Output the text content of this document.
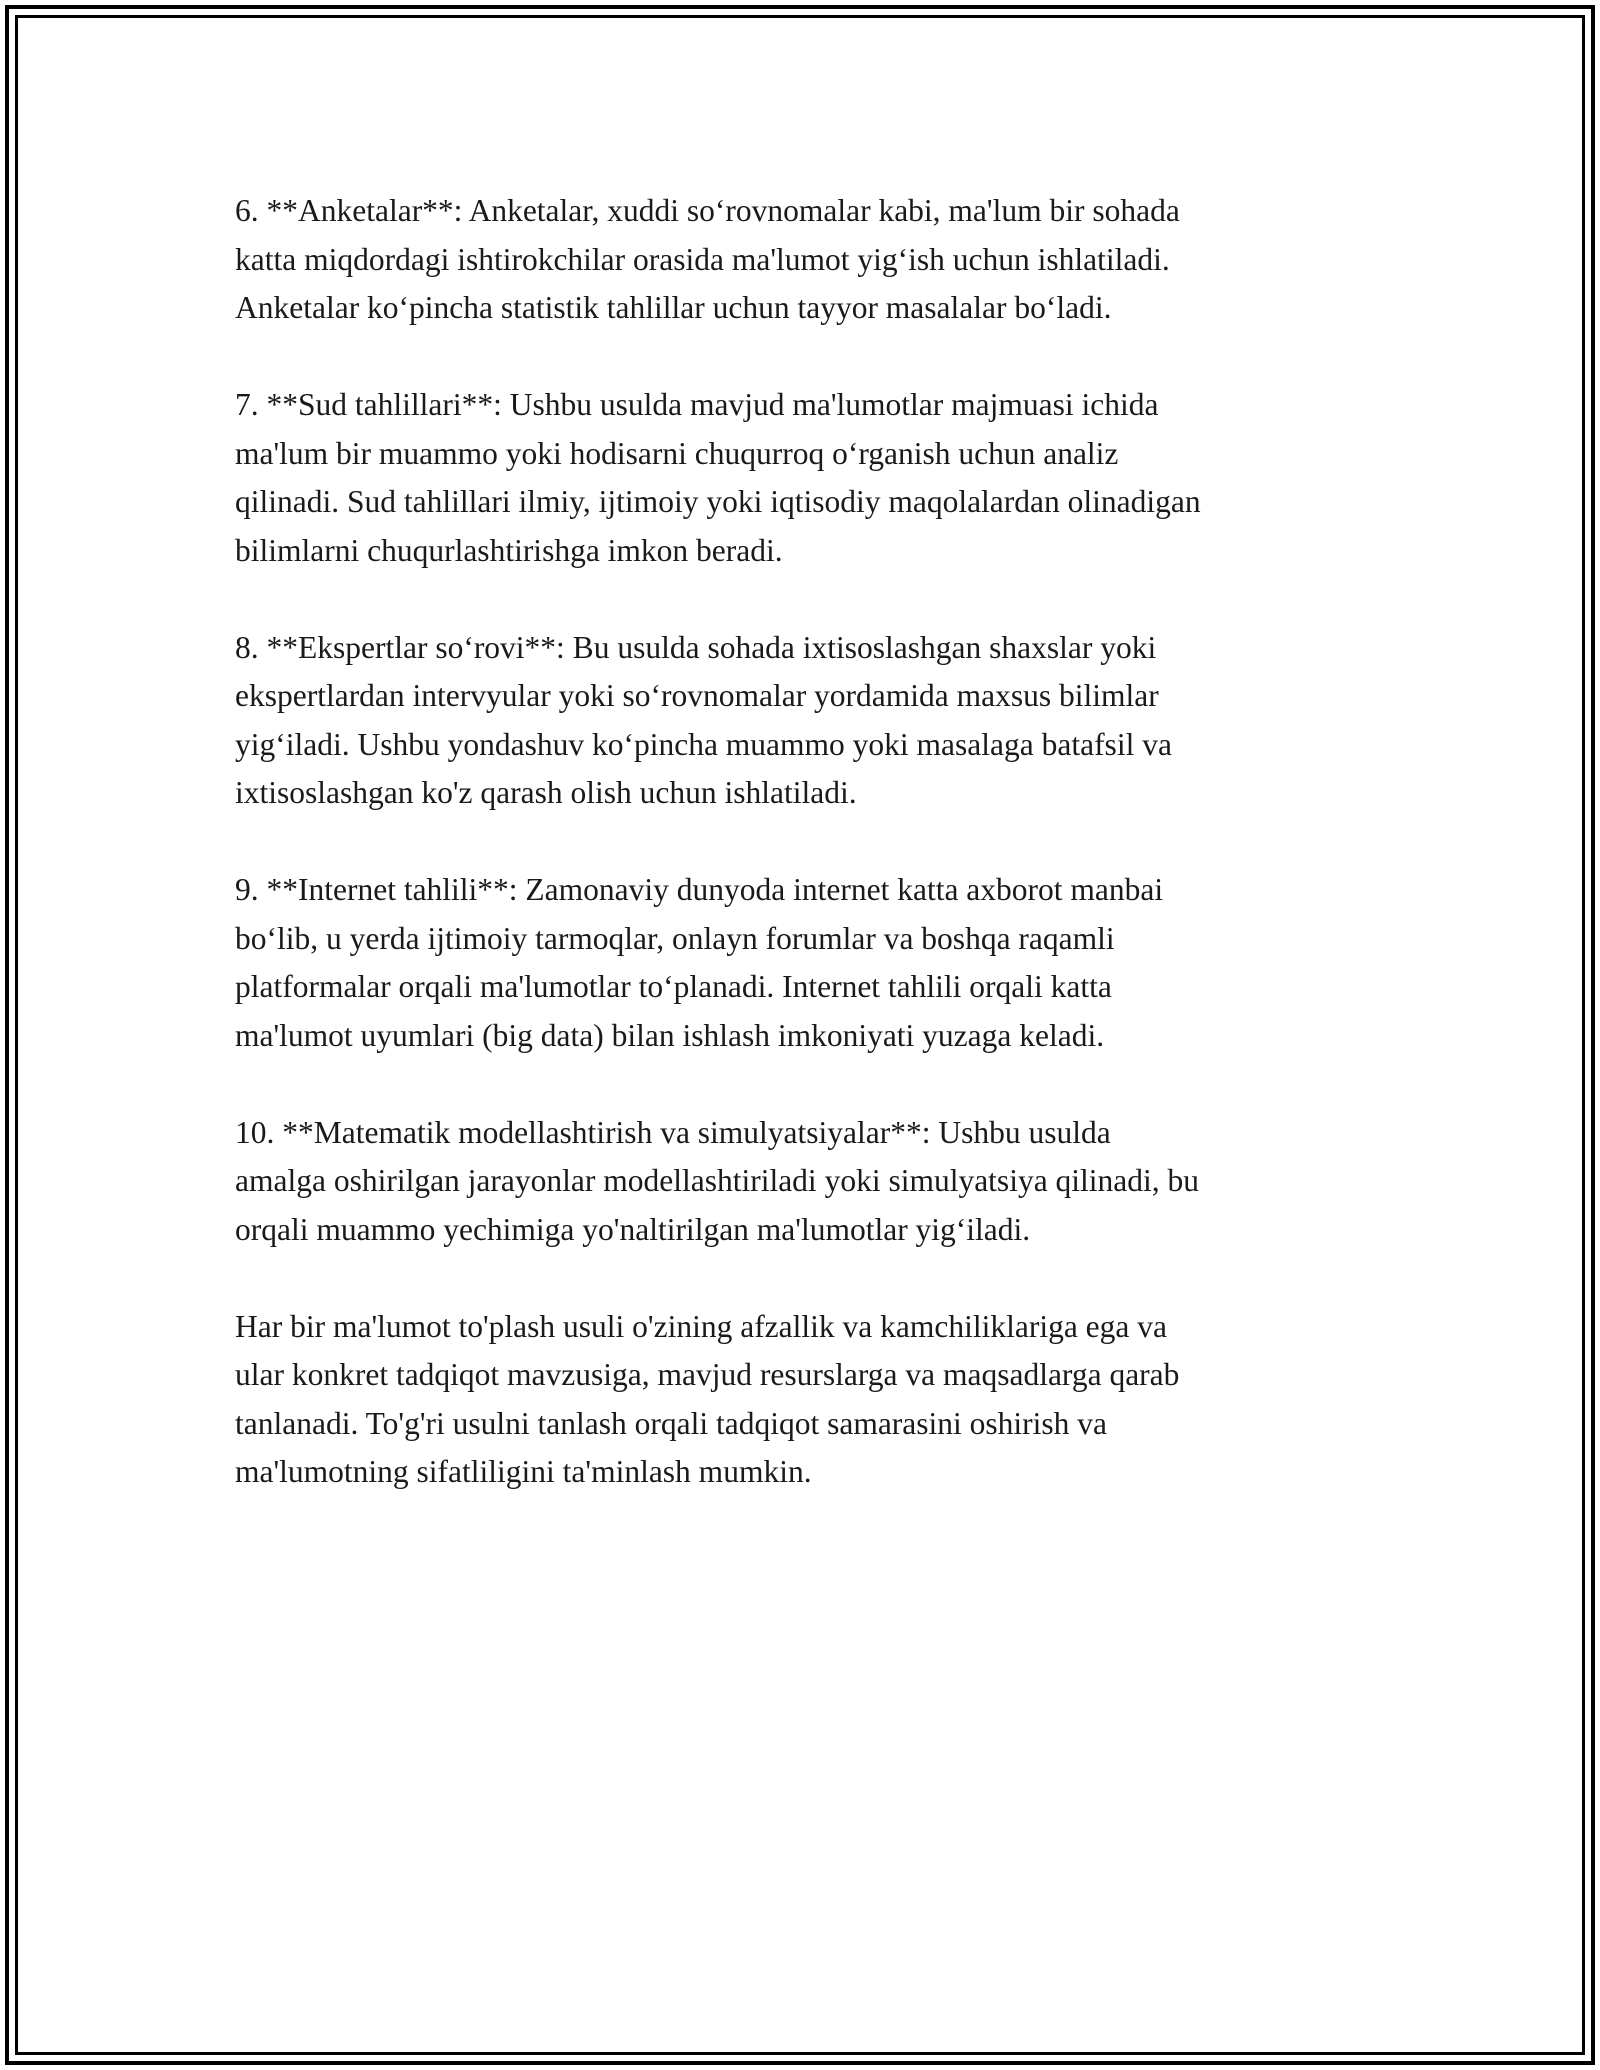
6. **Anketalar**: Anketalar, xuddi so‘rovnomalar kabi, ma'lum bir sohada
katta miqdordagi ishtirokchilar orasida ma'lumot yig‘ish uchun ishlatiladi.
Anketalar ko‘pincha statistik tahlillar uchun tayyor masalalar bo‘ladi.

7. **Sud tahlillari**: Ushbu usulda mavjud ma'lumotlar majmuasi ichida
ma'lum bir muammo yoki hodisarni chuqurroq o‘rganish uchun analiz
qilinadi. Sud tahlillari ilmiy, ijtimoiy yoki iqtisodiy maqolalardan olinadigan
bilimlarni chuqurlashtirishga imkon beradi.

8. **Ekspertlar so‘rovi**: Bu usulda sohada ixtisoslashgan shaxslar yoki
ekspertlardan intervyular yoki so‘rovnomalar yordamida maxsus bilimlar
yig‘iladi. Ushbu yondashuv ko‘pincha muammo yoki masalaga batafsil va
ixtisoslashgan ko'z qarash olish uchun ishlatiladi.

9. **Internet tahlili**: Zamonaviy dunyoda internet katta axborot manbai
bo‘lib, u yerda ijtimoiy tarmoqlar, onlayn forumlar va boshqa raqamli
platformalar orqali ma'lumotlar to‘planadi. Internet tahlili orqali katta
ma'lumot uyumlari (big data) bilan ishlash imkoniyati yuzaga keladi.

10. **Matematik modellashtirish va simulyatsiyalar**: Ushbu usulda
amalga oshirilgan jarayonlar modellashtiriladi yoki simulyatsiya qilinadi, bu
orqali muammo yechimiga yo'naltirilgan ma'lumotlar yig‘iladi.

Har bir ma'lumot to'plash usuli o'zining afzallik va kamchiliklariga ega va
ular konkret tadqiqot mavzusiga, mavjud resurslarga va maqsadlarga qarab
tanlanadi. To'g'ri usulni tanlash orqali tadqiqot samarasini oshirish va
ma'lumotning sifatliligini ta'minlash mumkin.
